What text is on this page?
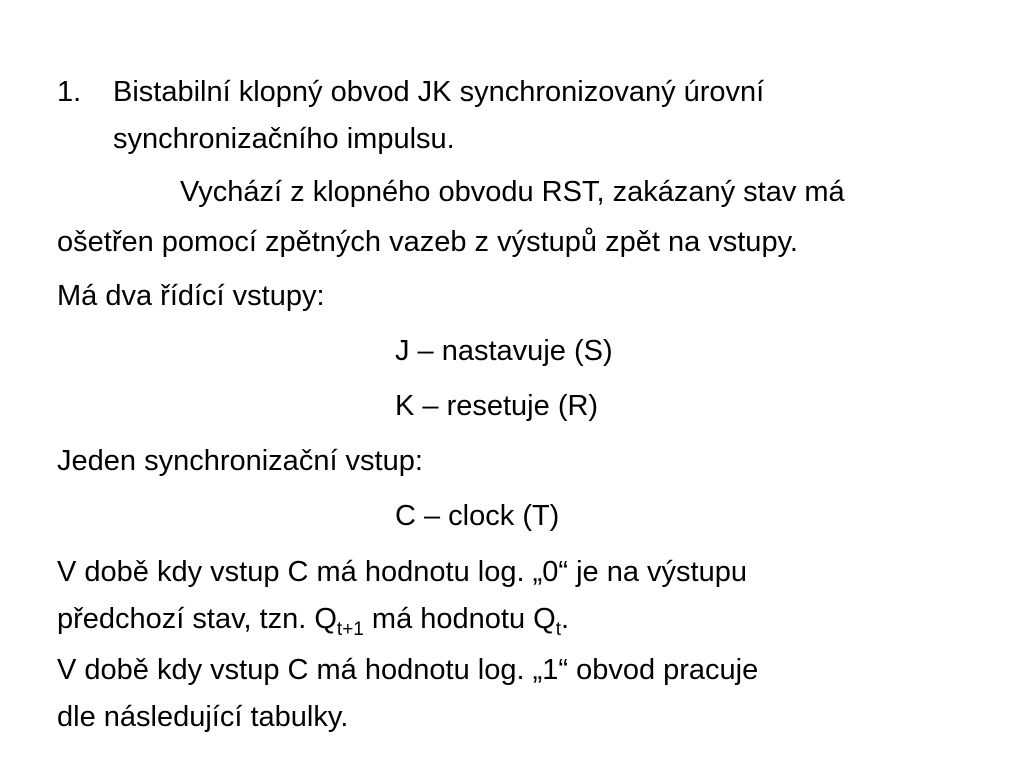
1. Bistabilní klopný obvod JK synchronizovaný úrovní
synchronizačního impulsu.
Vychází z klopného obvodu RST, zakázaný stav má
ošetřen pomocí zpětných vazeb z výstupů zpět na vstupy.
Má dva řídící vstupy:
J – nastavuje (S)
K – resetuje (R)
Jeden synchronizační vstup:
C – clock (T)
V době kdy vstup C má hodnotu log. „0“ je na výstupu
předchozí stav, tzn. $Q_{t+1}$ má hodnotu $Q_t$.
V době kdy vstup C má hodnotu log. „1“ obvod pracuje
dle následující tabulky.
